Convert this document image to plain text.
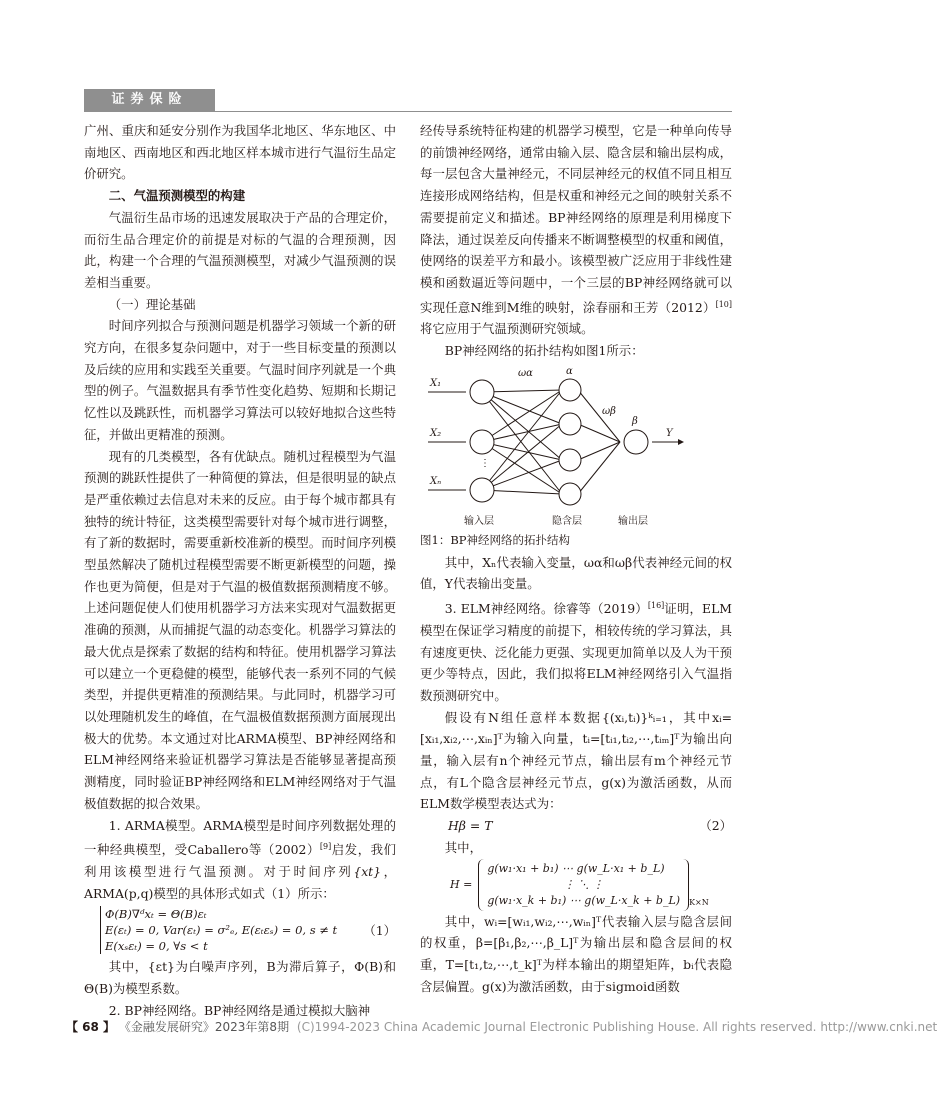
证券保险

广州、重庆和延安分别作为我国华北地区、华东地区、中南地区、西南地区和西北地区样本城市进行气温衍生品定价研究。

二、气温预测模型的构建

气温衍生品市场的迅速发展取决于产品的合理定价，而衍生品合理定价的前提是对标的气温的合理预测，因此，构建一个合理的气温预测模型，对减少气温预测的误差相当重要。

（一）理论基础

时间序列拟合与预测问题是机器学习领域一个新的研究方向，在很多复杂问题中，对于一些目标变量的预测以及后续的应用和实践至关重要。气温时间序列就是一个典型的例子。气温数据具有季节性变化趋势、短期和长期记忆性以及跳跃性，而机器学习算法可以较好地拟合这些特征，并做出更精准的预测。

现有的几类模型，各有优缺点。随机过程模型为气温预测的跳跃性提供了一种简便的算法，但是很明显的缺点是严重依赖过去信息对未来的反应。由于每个城市都具有独特的统计特征，这类模型需要针对每个城市进行调整，有了新的数据时，需要重新校准新的模型。而时间序列模型虽然解决了随机过程模型需要不断更新模型的问题，操作也更为简便，但是对于气温的极值数据预测精度不够。上述问题促使人们使用机器学习方法来实现对气温数据更准确的预测，从而捕捉气温的动态变化。机器学习算法的最大优点是探索了数据的结构和特征。使用机器学习算法可以建立一个更稳健的模型，能够代表一系列不同的气候类型，并提供更精准的预测结果。与此同时，机器学习可以处理随机发生的峰值，在气温极值数据预测方面展现出极大的优势。本文通过对比ARMA模型、BP神经网络和ELM神经网络来验证机器学习算法是否能够显著提高预测精度，同时验证BP神经网络和ELM神经网络对于气温极值数据的拟合效果。

1. ARMA模型。ARMA模型是时间序列数据处理的一种经典模型，受Caballero等（2002）[9]启发，我们利用该模型进行气温预测。对于时间序列{xt}，ARMA(p,q)模型的具体形式如式（1）所示：

Φ(B)∇ᵈxₜ = Θ(B)εₜ
E(εₜ) = 0, Var(εₜ) = σ²ₑ, E(εₜεₛ) = 0, s ≠ t
E(xₛεₜ) = 0, ∀s < t
（1）

其中，{εt}为白噪声序列，B为滞后算子，Φ(B)和Θ(B)为模型系数。

2. BP神经网络。BP神经网络是通过模拟大脑神

经传导系统特征构建的机器学习模型，它是一种单向传导的前馈神经网络，通常由输入层、隐含层和输出层构成，每一层包含大量神经元，不同层神经元的权值不同且相互连接形成网络结构，但是权重和神经元之间的映射关系不需要提前定义和描述。BP神经网络的原理是利用梯度下降法，通过误差反向传播来不断调整模型的权重和阈值，使网络的误差平方和最小。该模型被广泛应用于非线性建模和函数逼近等问题中，一个三层的BP神经网络就可以实现任意N维到M维的映射，涂春丽和王芳（2012）[10]将它应用于气温预测研究领域。

BP神经网络的拓扑结构如图1所示：

X₁
X₂
Xₙ
⋮
ωα	α
ωβ
β
Y
输入层	隐含层	输出层

图1：BP神经网络的拓扑结构

其中，Xₙ代表输入变量，ωα和ωβ代表神经元间的权值，Y代表输出变量。

3. ELM神经网络。徐睿等（2019）[16]证明，ELM模型在保证学习精度的前提下，相较传统的学习算法，具有速度更快、泛化能力更强、实现更加简单以及人为干预更少等特点，因此，我们拟将ELM神经网络引入气温指数预测研究中。

假设有N组任意样本数据{(xᵢ,tᵢ)}ᵏᵢ₌₁，其中xᵢ=[xᵢ₁,xᵢ₂,⋯,xᵢₙ]ᵀ为输入向量，tᵢ=[tᵢ₁,tᵢ₂,⋯,tᵢₘ]ᵀ为输出向量，输入层有n个神经元节点，输出层有m个神经元节点，有L个隐含层神经元节点，g(x)为激活函数，从而ELM数学模型表达式为：

Hβ = T	（2）

其中，

H =
g(w₁·x₁ + b₁) ⋯ g(w_L·x₁ + b_L)
⋮ ⋱ ⋮
g(w₁·x_k + b₁) ⋯ g(w_L·x_k + b_L) $_{K\times N}$

其中，wᵢ=[wᵢ₁,wᵢ₂,⋯,wᵢₙ]ᵀ代表输入层与隐含层间的权重，β=[β₁,β₂,⋯,β_L]ᵀ为输出层和隐含层间的权重，T=[t₁,t₂,⋯,t_k]ᵀ为样本输出的期望矩阵，bᵢ代表隐含层偏置。g(x)为激活函数，由于sigmoid函数

【 68 】 《金融发展研究》2023年第8期 (C)1994-2023 China Academic Journal Electronic Publishing House. All rights reserved. http://www.cnki.net
